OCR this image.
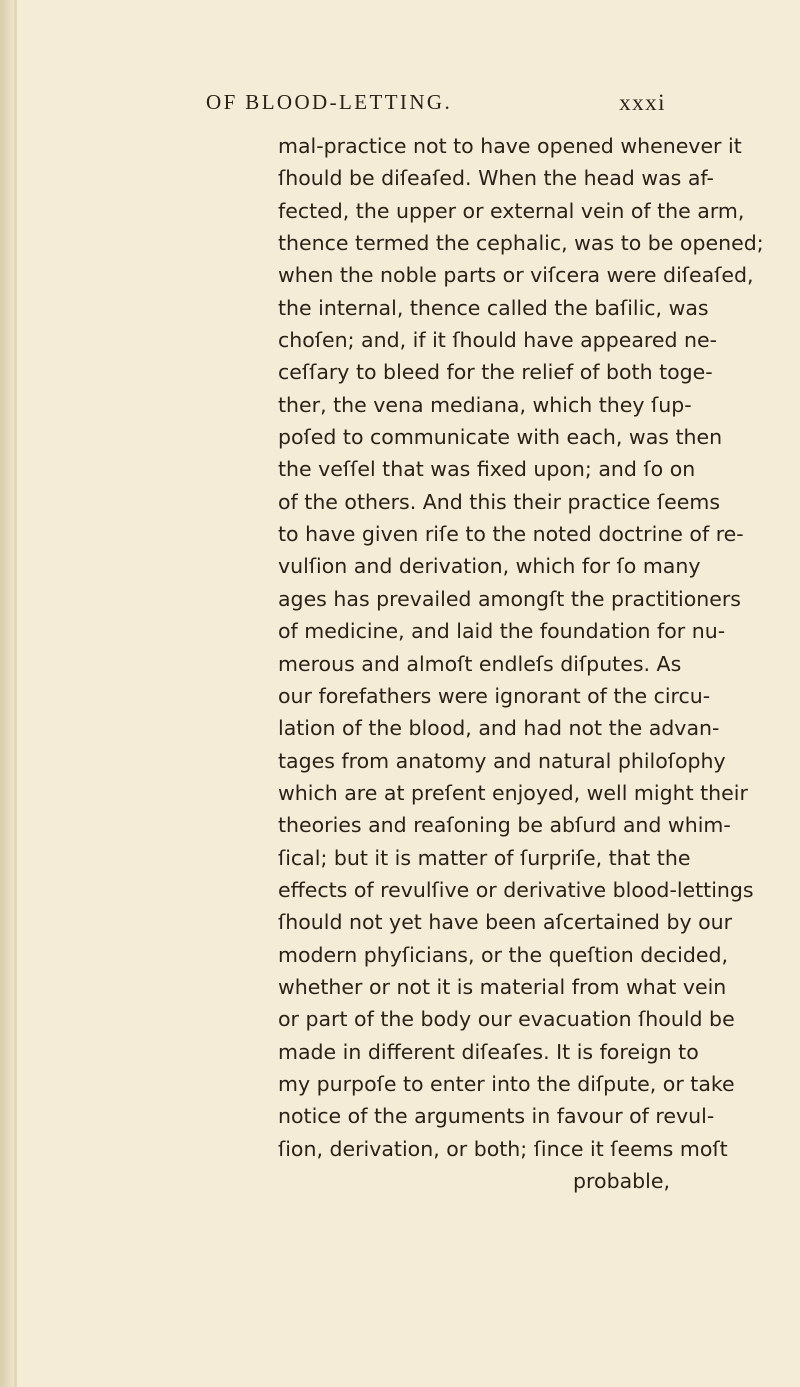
OF BLOOD-LETTING.	xxxi
mal-practice not to have opened whenever it
ſhould be diſeaſed. When the head was af-
fected, the upper or external vein of the arm,
thence termed the cephalic, was to be opened;
when the noble parts or viſcera were diſeaſed,
the internal, thence called the baſilic, was
choſen; and, if it ſhould have appeared ne-
ceſſary to bleed for the relief of both toge-
ther, the vena mediana, which they ſup-
poſed to communicate with each, was then
the veſſel that was fixed upon; and ſo on
of the others. And this their practice ſeems
to have given riſe to the noted doctrine of re-
vulſion and derivation, which for ſo many
ages has prevailed amongſt the practitioners
of medicine, and laid the foundation for nu-
merous and almoſt endleſs diſputes. As
our forefathers were ignorant of the circu-
lation of the blood, and had not the advan-
tages from anatomy and natural philoſophy
which are at preſent enjoyed, well might their
theories and reaſoning be abſurd and whim-
ſical; but it is matter of ſurpriſe, that the
effects of revulſive or derivative blood-lettings
ſhould not yet have been aſcertained by our
modern phyſicians, or the queſtion decided,
whether or not it is material from what vein
or part of the body our evacuation ſhould be
made in different diſeaſes. It is foreign to
my purpoſe to enter into the diſpute, or take
notice of the arguments in favour of revul-
ſion, derivation, or both; ſince it ſeems moſt
probable,
